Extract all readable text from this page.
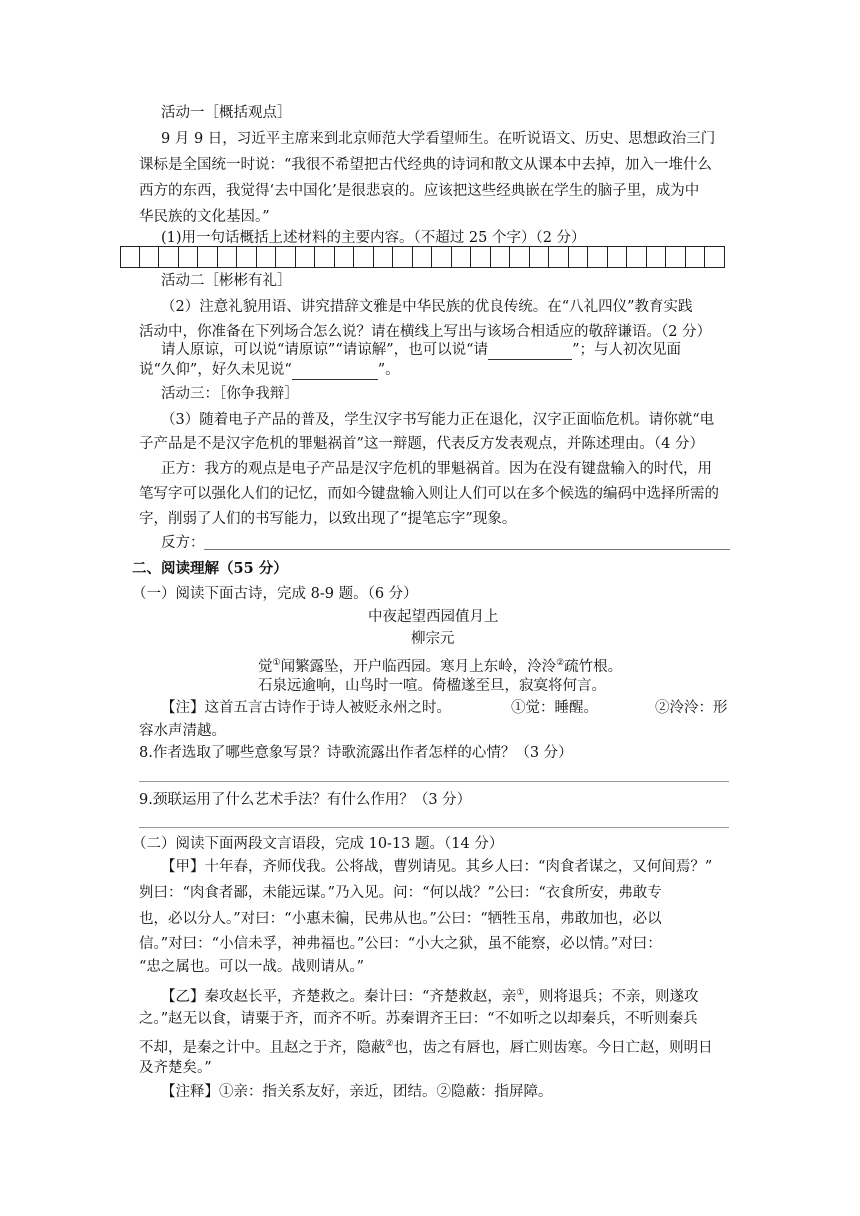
活动一［概括观点］
9 月 9 日，习近平主席来到北京师范大学看望师生。在听说语文、历史、思想政治三门
课标是全国统一时说：“我很不希望把古代经典的诗词和散文从课本中去掉，加入一堆什么
西方的东西，我觉得‘去中国化’是很悲哀的。应该把这些经典嵌在学生的脑子里，成为中
华民族的文化基因。”
(1)用一句话概括上述材料的主要内容。（不超过 25 个字）（2 分）
活动二［彬彬有礼］
（2）注意礼貌用语、讲究措辞文雅是中华民族的优良传统。在“八礼四仪”教育实践
活动中，你准备在下列场合怎么说？请在横线上写出与该场合相适应的敬辞谦语。（2 分）
请人原谅，可以说“请原谅”“请谅解”，也可以说“请	”；与人初次见面
说“久仰”，好久未见说“	”。
活动三：［你争我辩］
（3）随着电子产品的普及，学生汉字书写能力正在退化，汉字正面临危机。请你就“电
子产品是不是汉字危机的罪魁祸首”这一辩题，代表反方发表观点，并陈述理由。（4 分）
正方：我方的观点是电子产品是汉字危机的罪魁祸首。因为在没有键盘输入的时代，用
笔写字可以强化人们的记忆，而如今键盘输入则让人们可以在多个候选的编码中选择所需的
字，削弱了人们的书写能力，以致出现了“提笔忘字”现象。
反方：
二、阅读理解（55 分）
（一）阅读下面古诗，完成 8-9 题。（6 分）
中夜起望西园值月上
柳宗元
觉①闻繁露坠，开户临西园。寒月上东岭，泠泠②疏竹根。
石泉远逾响，山鸟时一喧。倚楹遂至旦，寂寞将何言。
【注】这首五言古诗作于诗人被贬永州之时。	①觉：睡醒。	②泠泠：形
容水声清越。
8.作者选取了哪些意象写景？诗歌流露出作者怎样的心情？（3 分）
9.颈联运用了什么艺术手法？有什么作用？（3 分）
（二）阅读下面两段文言语段，完成 10-13 题。（14 分）
【甲】十年春，齐师伐我。公将战，曹刿请见。其乡人曰：“肉食者谋之，又何间焉？”
刿曰：“肉食者鄙，未能远谋。”乃入见。问：“何以战？”公曰：“衣食所安，弗敢专
也，必以分人。”对曰：“小惠未徧，民弗从也。”公曰：“牺牲玉帛，弗敢加也，必以
信。”对曰：“小信未孚，神弗福也。”公曰：“小大之狱，虽不能察，必以情。”对曰：
“忠之属也。可以一战。战则请从。”
【乙】秦攻赵长平，齐楚救之。秦计曰：“齐楚救赵，亲①，则将退兵；不亲，则遂攻
之。”赵无以食，请粟于齐，而齐不听。苏秦谓齐王曰：“不如听之以却秦兵，不听则秦兵
不却，是秦之计中。且赵之于齐，隐蔽②也，齿之有唇也，唇亡则齿寒。今日亡赵，则明日
及齐楚矣。”
【注释】①亲：指关系友好，亲近，团结。②隐蔽：指屏障。
